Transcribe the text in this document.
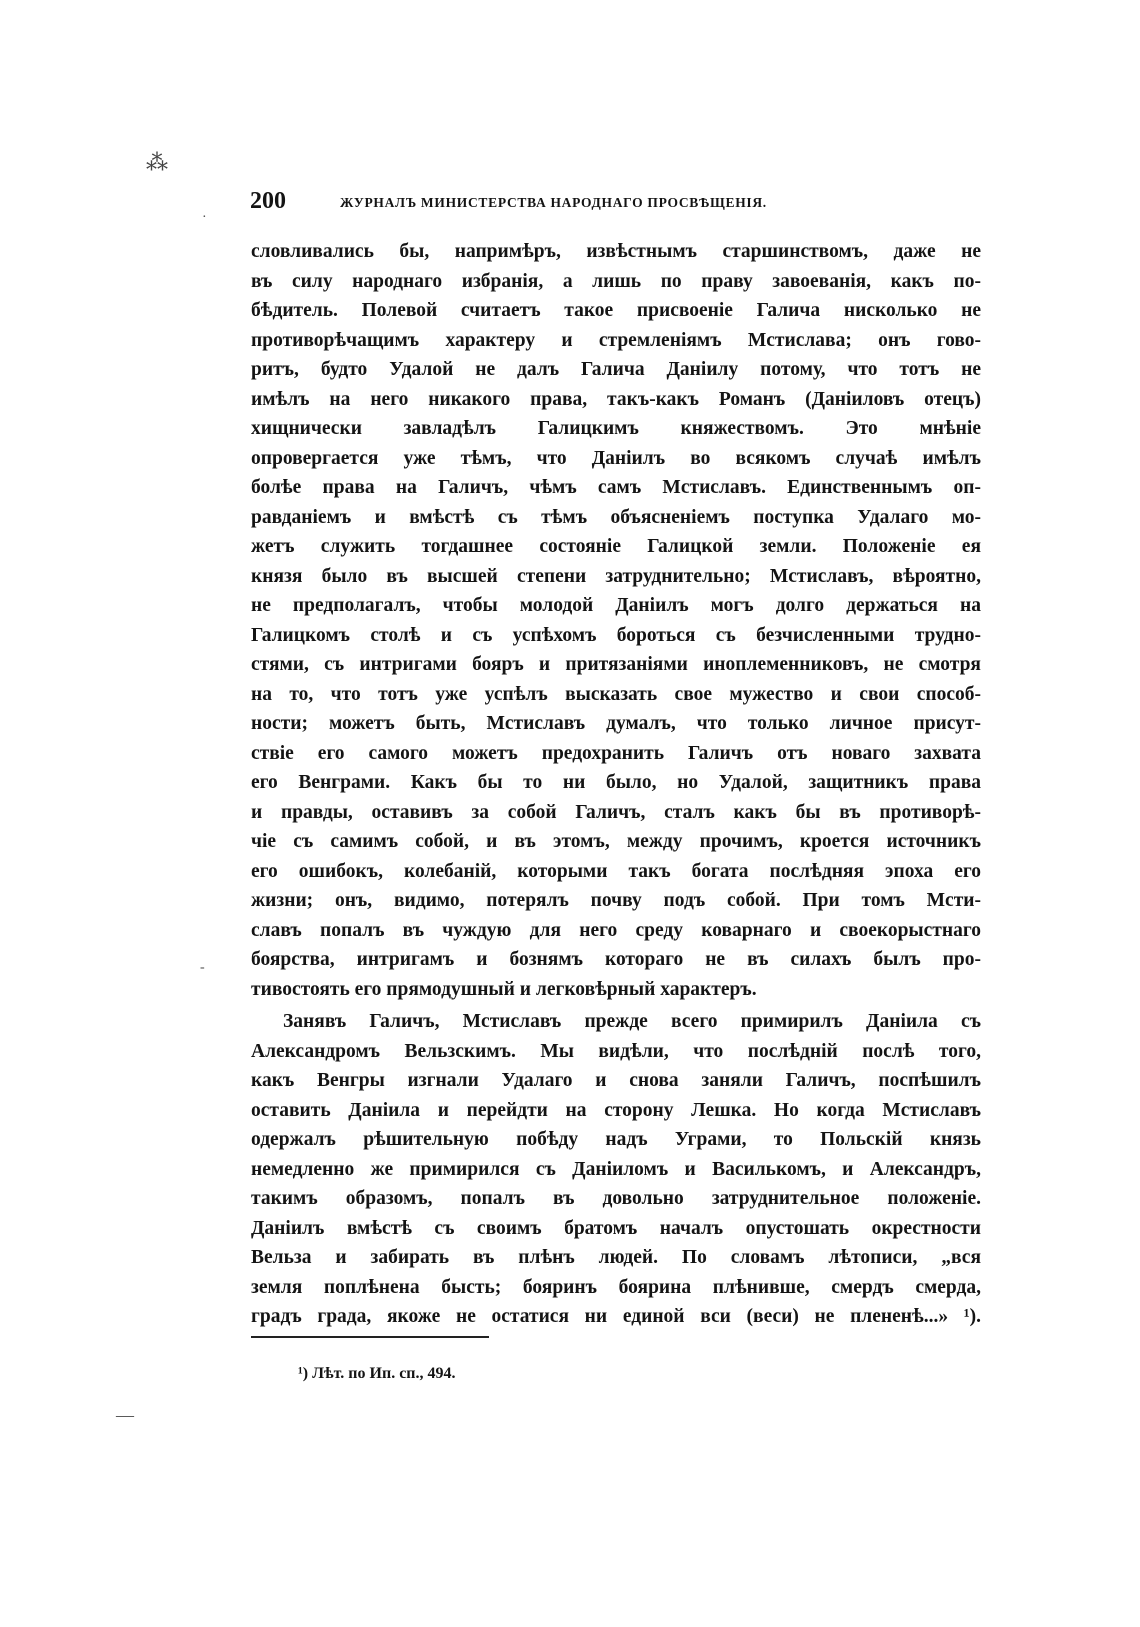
⁂
·
-
—
200	ЖУРНАЛЪ МИНИСТЕРСТВА НАРОДНАГО ПРОСВѢЩЕНІЯ.
словливались бы, напримѣръ, извѣстнымъ старшинствомъ, даже не
въ силу народнаго избранія, а лишь по праву завоеванія, какъ по-
бѣдитель. Полевой считаетъ такое присвоеніе Галича нисколько не
противорѣчащимъ характеру и стремленіямъ Мстислава; онъ гово-
ритъ, будто Удалой не далъ Галича Даніилу потому, что тотъ не
имѣлъ на него никакого права, такъ-какъ Романъ (Даніиловъ отецъ)
хищнически завладѣлъ Галицкимъ княжествомъ. Это мнѣніе
опровергается уже тѣмъ, что Даніилъ во всякомъ случаѣ имѣлъ
болѣе права на Галичъ, чѣмъ самъ Мстиславъ. Единственнымъ оп-
равданіемъ и вмѣстѣ съ тѣмъ объясненіемъ поступка Удалаго мо-
жетъ служить тогдашнее состояніе Галицкой земли. Положеніе ея
князя было въ высшей степени затруднительно; Мстиславъ, вѣроятно,
не предполагалъ, чтобы молодой Даніилъ могъ долго держаться на
Галицкомъ столѣ и съ успѣхомъ бороться съ безчисленными трудно-
стями, съ интригами бояръ и притязаніями иноплеменниковъ, не смотря
на то, что тотъ уже успѣлъ высказать свое мужество и свои способ-
ности; можетъ быть, Мстиславъ думалъ, что только личное присут-
ствіе его самого можетъ предохранить Галичъ отъ новаго захвата
его Венграми. Какъ бы то ни было, но Удалой, защитникъ права
и правды, оставивъ за собой Галичъ, сталъ какъ бы въ противорѣ-
чіе съ самимъ собой, и въ этомъ, между прочимъ, кроется источникъ
его ошибокъ, колебаній, которыми такъ богата послѣдняя эпоха его
жизни; онъ, видимо, потерялъ почву подъ собой. При томъ Мсти-
славъ попалъ въ чуждую для него среду коварнаго и своекорыстнаго
боярства, интригамъ и бознямъ котораго не въ силахъ былъ про-
тивостоять его прямодушный и легковѣрный характеръ.
Занявъ Галичъ, Мстиславъ прежде всего примирилъ Даніила съ
Александромъ Вельзскимъ. Мы видѣли, что послѣдній послѣ того,
какъ Венгры изгнали Удалаго и снова заняли Галичъ, поспѣшилъ
оставить Даніила и перейдти на сторону Лешка. Но когда Мстиславъ
одержалъ рѣшительную побѣду надъ Уграми, то Польскій князь
немедленно же примирился съ Даніиломъ и Василькомъ, и Александръ,
такимъ образомъ, попалъ въ довольно затруднительное положеніе.
Даніилъ вмѣстѣ съ своимъ братомъ началъ опустошать окрестности
Вельза и забирать въ плѣнъ людей. По словамъ лѣтописи, „вся
земля поплѣнена бысть; бояринъ боярина плѣнивше, смердъ смерда,
градъ града, якоже не остатися ни единой вси (веси) не плененѣ...» ¹).
¹) Лѣт. по Ип. сп., 494.
